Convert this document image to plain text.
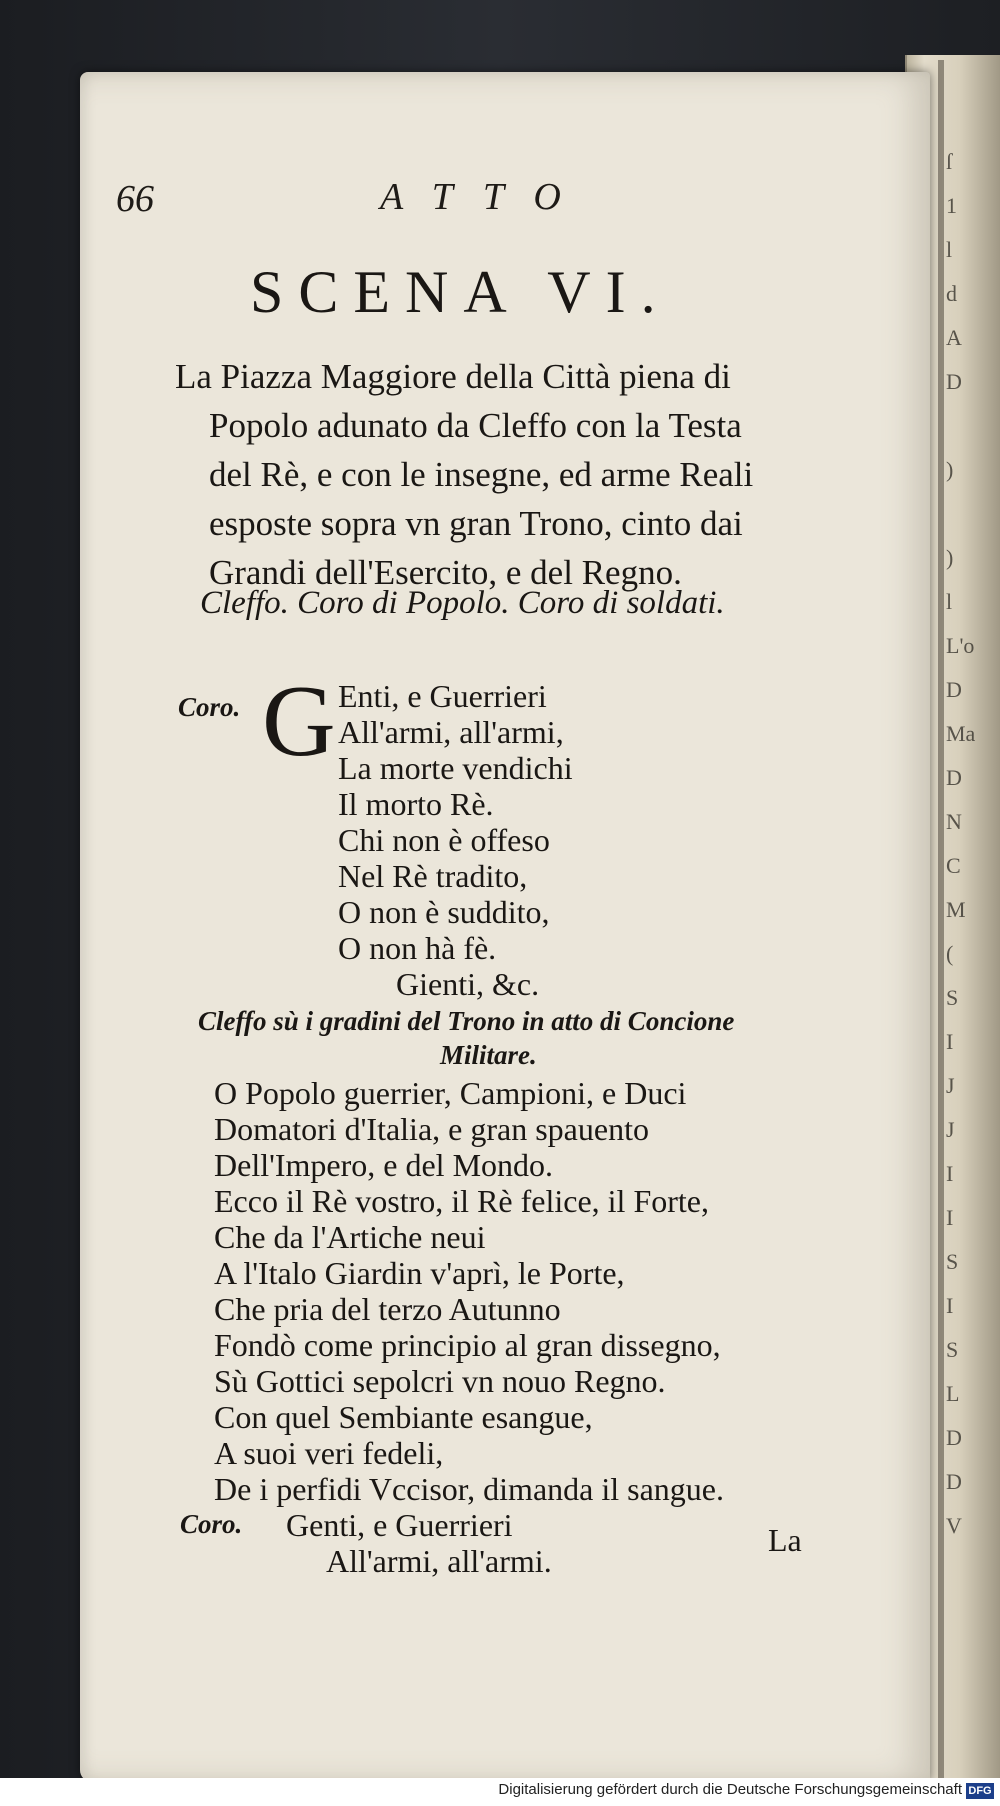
ſ
1
l
d
A
D

)

)
l
L'o
D
Ma
D
N
C
M
(
S
I
J
J
I
I
S
I
S
L
D
D
V

66	ATTO
SCENA VI.
La Piazza Maggiore della Città piena di
Popolo adunato da Cleffo con la Testa
del Rè, e con le insegne, ed arme Reali
esposte sopra vn gran Trono, cinto dai
Grandi dell'Esercito, e del Regno.
Cleffo. Coro di Popolo. Coro di soldati.
Coro. G Enti, e Guerrieri
All'armi, all'armi,
La morte vendichi
Il morto Rè.
Chi non è offeso
Nel Rè tradito,
O non è suddito,
O non hà fè.
Gienti, &c.
Cleffo sù i gradini del Trono in atto di Concione
Militare.
O Popolo guerrier, Campioni, e Duci
Domatori d'Italia, e gran spauento
Dell'Impero, e del Mondo.
Ecco il Rè vostro, il Rè felice, il Forte,
Che da l'Artiche neui
A l'Italo Giardin v'aprì, le Porte,
Che pria del terzo Autunno
Fondò come principio al gran dissegno,
Sù Gottici sepolcri vn nouo Regno.
Con quel Sembiante esangue,
A suoi veri fedeli,
De i perfidi Vccisor, dimanda il sangue.
Coro. Genti, e Guerrieri
All'armi, all'armi.
La
Digitalisierung gefördert durch die Deutsche Forschungsgemeinschaft DFG
